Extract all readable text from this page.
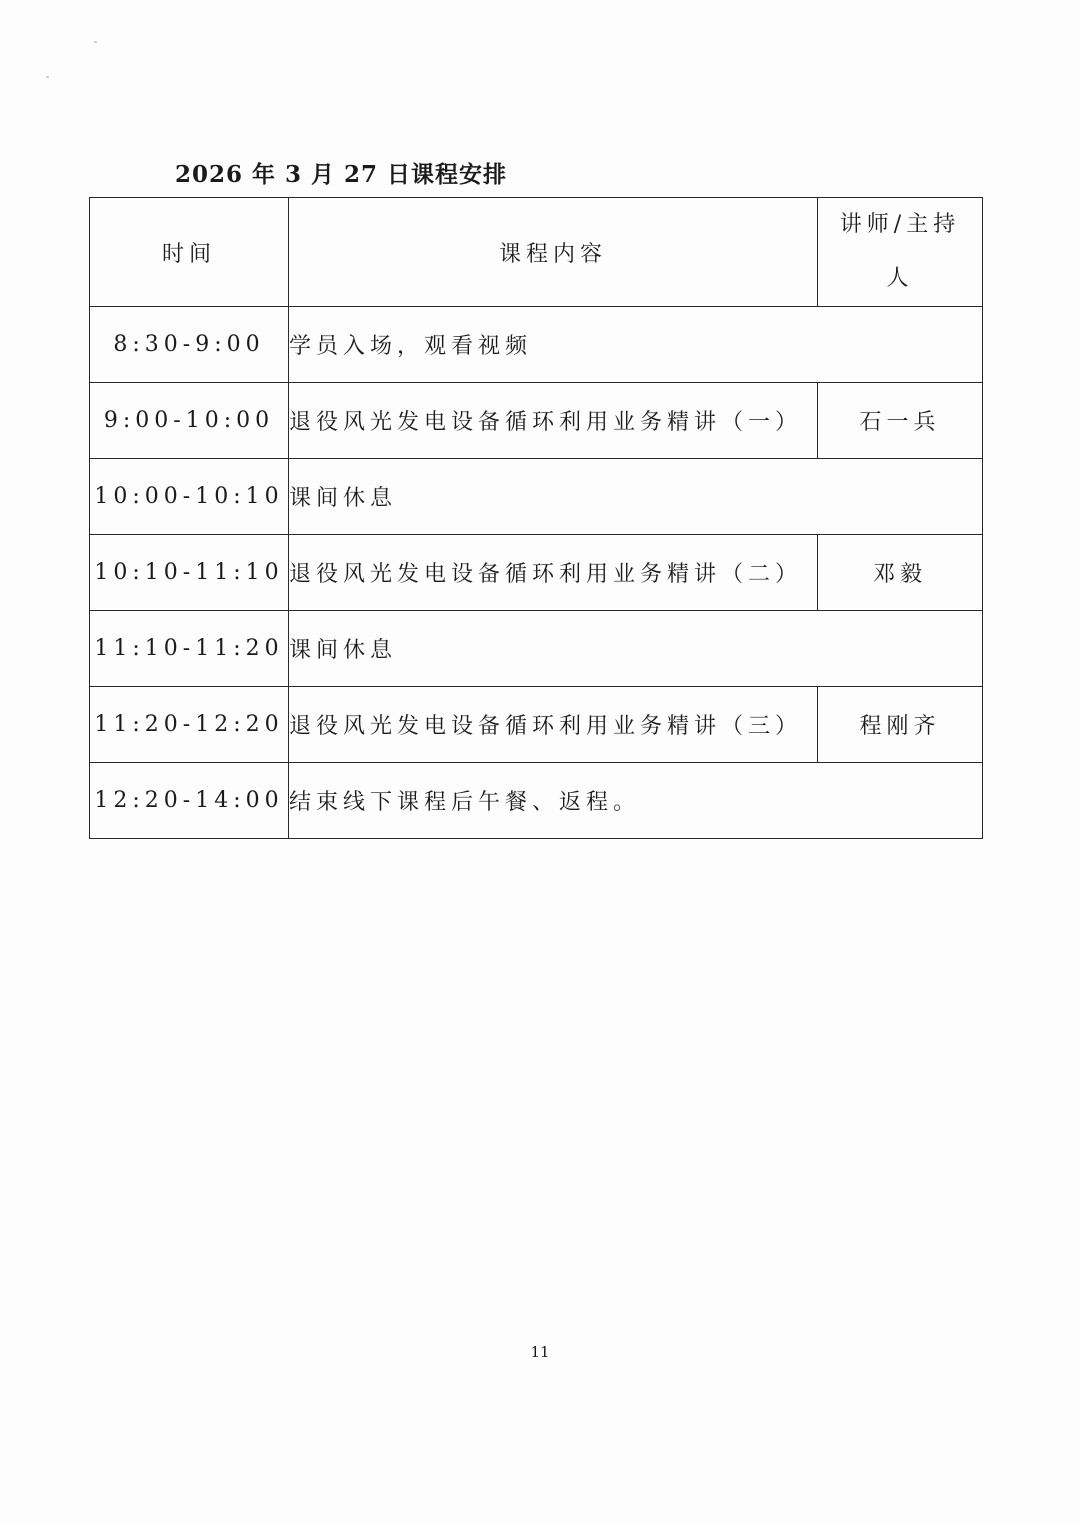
2026 年 3 月 27 日课程安排
时间	课程内容	讲师/主持
人
8:30-9:00	学员入场，观看视频	
9:00-10:00	退役风光发电设备循环利用业务精讲（一）	石一兵
10:00-10:10	课间休息	
10:10-11:10	退役风光发电设备循环利用业务精讲（二）	邓毅
11:10-11:20	课间休息	
11:20-12:20	退役风光发电设备循环利用业务精讲（三）	程刚齐
12:20-14:00	结束线下课程后午餐、返程。	
11
